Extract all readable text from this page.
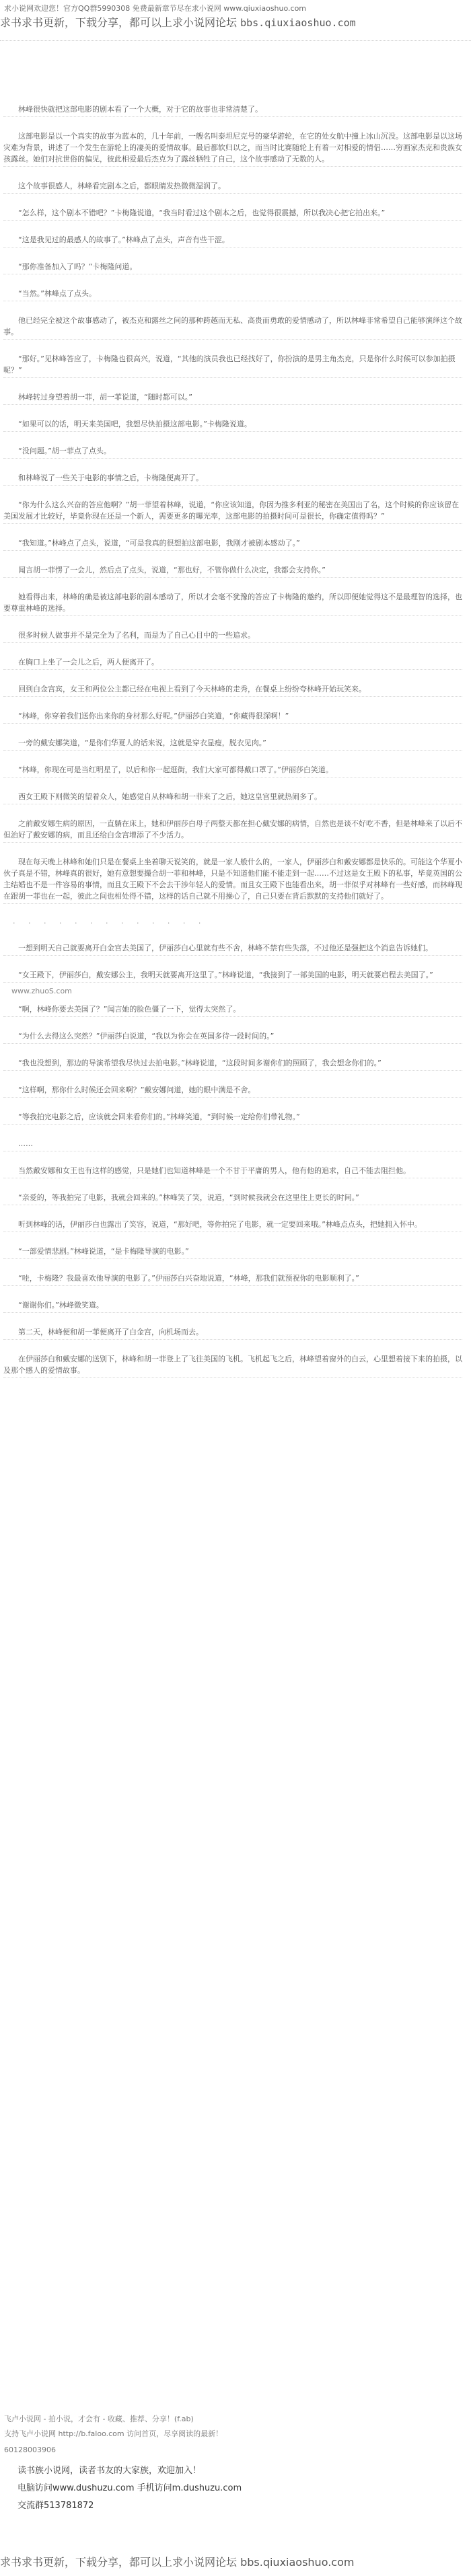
求小说网欢迎您！官方QQ群5990308 免费最新章节尽在求小说网 www.qiuxiaoshuo.com
求书求书更新，下载分享，都可以上求小说网论坛 bbs.qiuxiaoshuo.com

林峰很快就把这部电影的剧本看了一个大概，对于它的故事也非常清楚了。

这部电影是以一个真实的故事为蓝本的，几十年前，一艘名叫泰坦尼克号的豪华游轮，在它的处女航中撞上冰山沉没。这部电影是以这场灾难为背景，讲述了一个发生在游轮上的凄美的爱情故事。最后都软归以之，而当时比赛随轮上有着一对相爱的情侣……穷画家杰克和贵族女孩露丝。她们对抗世俗的偏见，彼此相爱最后杰克为了露丝牺牲了自己，这个故事感动了无数的人。

这个故事很感人，林峰看完剧本之后，都眼睛发热微微湿润了。

“怎么样，这个剧本不错吧？”卡梅隆说道，“我当时看过这个剧本之后，也觉得很震撼，所以我决心把它拍出来。”

“这是我见过的最感人的故事了。”林峰点了点头，声音有些干涩。

“那你准备加入了吗？”卡梅隆问道。

“当然。”林峰点了点头。

他已经完全被这个故事感动了，被杰克和露丝之间的那种跨越而无私、高贵而勇敢的爱情感动了，所以林峰非常希望自己能够演绎这个故事。

“那好。”见林峰答应了，卡梅隆也很高兴，说道，“其他的演员我也已经找好了，你扮演的是男主角杰克，只是你什么时候可以参加拍摄呢？”

林峰转过身望着胡一菲，胡一菲说道，“随时都可以。”

“如果可以的话，明天来美国吧，我想尽快拍摄这部电影。”卡梅隆说道。

“没问题。”胡一菲点了点头。

和林峰说了一些关于电影的事情之后，卡梅隆便离开了。

“你为什么这么兴奋的答应他啊？”胡一菲望着林峰，说道，“你应该知道，你因为推多利亚的秘密在美国出了名，这个时候的你应该留在美国发展才比较好，毕竟你现在还是一个新人，需要更多的曝光率，这部电影的拍摄时间可是很长，你确定值得吗？”

“我知道。”林峰点了点头，说道，“可是我真的很想拍这部电影，我刚才被剧本感动了。”

闻言胡一菲愣了一会儿，然后点了点头，说道，“那也好，不管你做什么决定，我都会支持你。”

她看得出来，林峰的确是被这部电影的剧本感动了，所以才会毫不犹豫的答应了卡梅隆的邀约，所以即便她觉得这不是最理智的选择，也要尊重林峰的选择。

很多时候人做事并不是完全为了名利，而是为了自己心目中的一些追求。

在胸口上坐了一会儿之后，两人便离开了。

回到白金宫宾，女王和两位公主都已经在电视上看到了今天林峰的走秀，在餐桌上纷纷夸林峰开始玩笑来。

“林峰，你穿着我们送你出来你的身材那么好呢。”伊丽莎白笑道，“你藏得很深啊！”

一旁的戴安娜笑道，“是你们华夏人的话来说，这就是穿衣显瘦，脱衣见肉。”

“林峰，你现在可是当红明星了，以后和你一起逛街，我们大家可都得戴口罩了。”伊丽莎白笑道。

西女王殿下则微笑的望着众人，她感觉自从林峰和胡一菲来了之后，她这皇宫里就热闹多了。

之前戴安娜生病的原因，一直躺在床上，她和伊丽莎白母子两整天都在担心戴安娜的病情，自然也是谈不好吃不香，但是林峰来了以后不但治好了戴安娜的病，而且还给白金宫增添了不少活力。

现在每天晚上林峰和她们只是在餐桌上坐着聊天说笑的，就是一家人般什么的，一家人，伊丽莎白和戴安娜都是快乐的。可能这个华夏小伙子真是不错，林峰真的很好，她有意想要撮合胡一菲和林峰，只是不知道他们能不能走到一起……不过这是女王殿下的私事，毕竟英国的公主结婚也不是一件容易的事情，而且女王殿下不会去干涉年轻人的爱情。而且女王殿下也能看出来，胡一菲似乎对林峰有一些好感，而林峰现在跟胡一菲也在一起，彼此之间也相处得不错，这样的话自己就不用操心了，自己只要在背后默默的支持他们就好了。

· · · · · · · · · · · · ·

一想到明天自己就要离开白金宫去美国了，伊丽莎白心里就有些不舍，林峰不禁有些失落，不过他还是强把这个消息告诉她们。

“女王殿下，伊丽莎白，戴安娜公主，我明天就要离开这里了。”林峰说道，“我接到了一部美国的电影，明天就要启程去美国了。”

www.zhuoS.com

“啊，林峰你要去美国了？”闻言她的脸色僵了一下，觉得太突然了。

“为什么去得这么突然？”伊丽莎白说道，“我以为你会在英国多待一段时间的。”

“我也没想到，那边的导演希望我尽快过去拍电影。”林峰说道，“这段时间多谢你们的照顾了，我会想念你们的。”

“这样啊，那你什么时候还会回来啊？”戴安娜问道，她的眼中满是不舍。

“等我拍完电影之后，应该就会回来看你们的。”林峰笑道，“到时候一定给你们带礼物。”

……

当然戴安娜和女王也有这样的感觉，只是她们也知道林峰是一个不甘于平庸的男人，他有他的追求，自己不能去阻拦他。

“亲爱的，等我拍完了电影，我就会回来的。”林峰笑了笑，说道，“到时候我就会在这里住上更长的时间。”

听到林峰的话，伊丽莎白也露出了笑容，说道，“那好吧，等你拍完了电影，就一定要回来哦。”林峰点点头，把她拥入怀中。

“一部爱情悲剧。”林峰说道，“是卡梅隆导演的电影。”

“哇，卡梅隆？我最喜欢他导演的电影了。”伊丽莎白兴奋地说道，“林峰，那我们就预祝你的电影顺利了。”

“谢谢你们。”林峰微笑道。

第二天，林峰便和胡一菲便离开了白金宫，向机场而去。

在伊丽莎白和戴安娜的送别下，林峰和胡一菲登上了飞往美国的飞机。飞机起飞之后，林峰望着窗外的白云，心里想着接下来的拍摄，以及那个感人的爱情故事。

飞卢小说网 - 拍小说，才会有 - 收藏、推荐、分享！(f.ab)
支持飞卢小说网 http://b.faloo.com 访问首页，尽享阅读的最新！
60128003906
读书族小说网，读者书友的大家族，欢迎加入！
电脑访问www.dushuzu.com 手机访问m.dushuzu.com
交流群513781872
求书求书更新，下载分享，都可以上求小说网论坛 bbs.qiuxiaoshuo.com
